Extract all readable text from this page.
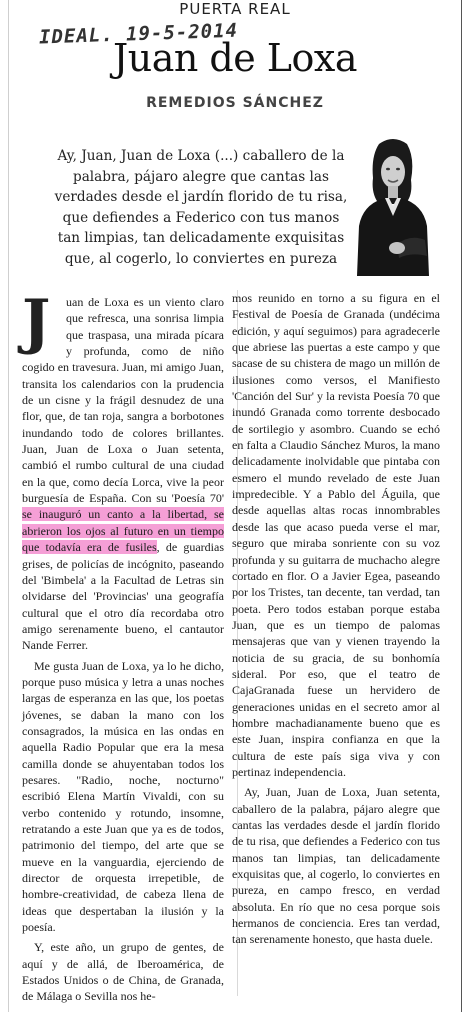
PUERTA REAL
IDEAL. 19-5-2014
Juan de Loxa
REMEDIOS SÁNCHEZ
Ay, Juan, Juan de Loxa (...) caballero de la palabra, pájaro alegre que cantas las verdades desde el jardín florido de tu risa, que defiendes a Federico con tus manos tan limpias, tan delicadamente exquisitas que, al cogerlo, lo conviertes en pureza

J	uan de Loxa es un viento claro que refresca, una sonrisa limpia que traspasa, una mirada pícara y profunda, como de niño cogido en travesura. Juan, mi amigo Juan, transita los calendarios con la prudencia de un cisne y la frágil desnudez de una flor, que, de tan roja, sangra a borbotones inundando todo de colores brillantes. Juan, Juan de Loxa o Juan setenta, cambió el rumbo cultural de una ciudad en la que, como decía Lorca, vive la peor burguesía de España. Con su 'Poesía 70' se inauguró un canto a la libertad, se abrieron los ojos al futuro en un tiempo que todavía era de fusiles, de guardias grises, de policías de incógnito, paseando del 'Bimbela' a la Facultad de Letras sin olvidarse del 'Provincias' una geografía cultural que el otro día recordaba otro amigo serenamente bueno, el cantautor Nande Ferrer.

Me gusta Juan de Loxa, ya lo he dicho, porque puso música y letra a unas noches largas de esperanza en las que, los poetas jóvenes, se daban la mano con los consagrados, la música en las ondas en aquella Radio Popular que era la mesa camilla donde se ahuyentaban todos los pesares. "Radio, noche, nocturno" escribió Elena Martín Vivaldi, con su verbo contenido y rotundo, insomne, retratando a este Juan que ya es de todos, patrimonio del tiempo, del arte que se mueve en la vanguardia, ejerciendo de director de orquesta irrepetible, de hombre-creatividad, de cabeza llena de ideas que despertaban la ilusión y la poesía.

Y, este año, un grupo de gentes, de aquí y de allá, de Iberoamérica, de Estados Unidos o de China, de Granada, de Málaga o Sevilla nos he-

mos reunido en torno a su figura en el Festival de Poesía de Granada (undécima edición, y aquí seguimos) para agradecerle que abriese las puertas a este campo y que sacase de su chistera de mago un millón de ilusiones como versos, el Manifiesto 'Canción del Sur' y la revista Poesía 70 que inundó Granada como torrente desbocado de sortilegio y asombro. Cuando se echó en falta a Claudio Sánchez Muros, la mano delicadamente inolvidable que pintaba con esmero el mundo revelado de este Juan impredecible. Y a Pablo del Águila, que desde aquellas altas rocas innombrables desde las que acaso pueda verse el mar, seguro que miraba sonriente con su voz profunda y su guitarra de muchacho alegre cortado en flor. O a Javier Egea, paseando por los Tristes, tan decente, tan verdad, tan poeta. Pero todos estaban porque estaba Juan, que es un tiempo de palomas mensajeras que van y vienen trayendo la noticia de su gracia, de su bonhomía sideral. Por eso, que el teatro de CajaGranada fuese un hervidero de generaciones unidas en el secreto amor al hombre machadianamente bueno que es este Juan, inspira confianza en que la cultura de este país siga viva y con pertinaz independencia.

Ay, Juan, Juan de Loxa, Juan setenta, caballero de la palabra, pájaro alegre que cantas las verdades desde el jardín florido de tu risa, que defiendes a Federico con tus manos tan limpias, tan delicadamente exquisitas que, al cogerlo, lo conviertes en pureza, en campo fresco, en verdad absoluta. En río que no cesa porque sois hermanos de conciencia. Eres tan verdad, tan serenamente honesto, que hasta duele.
